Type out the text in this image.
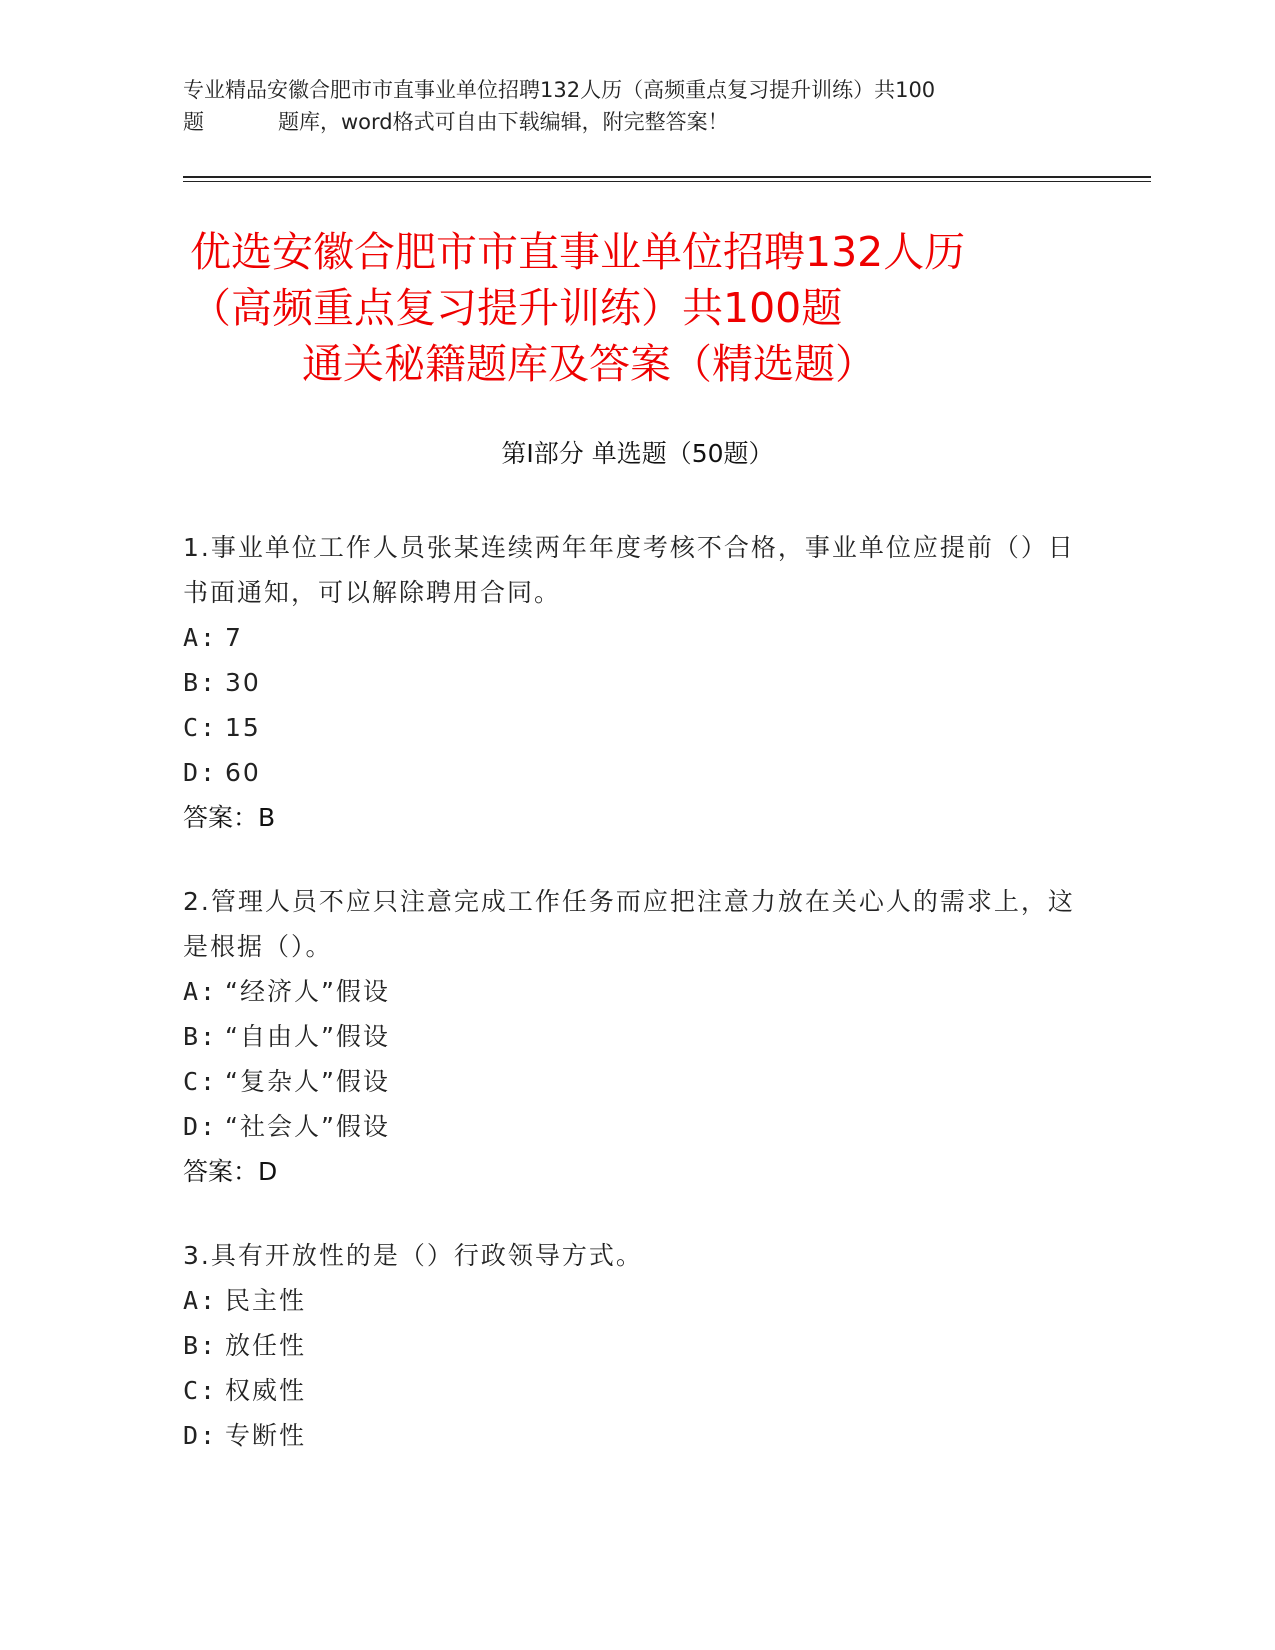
专业精品安徽合肥市市直事业单位招聘132人历（高频重点复习提升训练）共100
题	题库，word格式可自由下载编辑，附完整答案！
优选安徽合肥市市直事业单位招聘132人历
（高频重点复习提升训练）共100题
通关秘籍题库及答案（精选题）
第Ⅰ部分 单选题（50题）
1.事业单位工作人员张某连续两年年度考核不合格，事业单位应提前（）日书面通知，可以解除聘用合同。
A: 7
B: 30
C: 15
D: 60
答案：B
2.管理人员不应只注意完成工作任务而应把注意力放在关心人的需求上，这是根据（）。
A: “经济人”假设
B: “自由人”假设
C: “复杂人”假设
D: “社会人”假设
答案：D
3.具有开放性的是（）行政领导方式。
A: 民主性
B: 放任性
C: 权威性
D: 专断性
